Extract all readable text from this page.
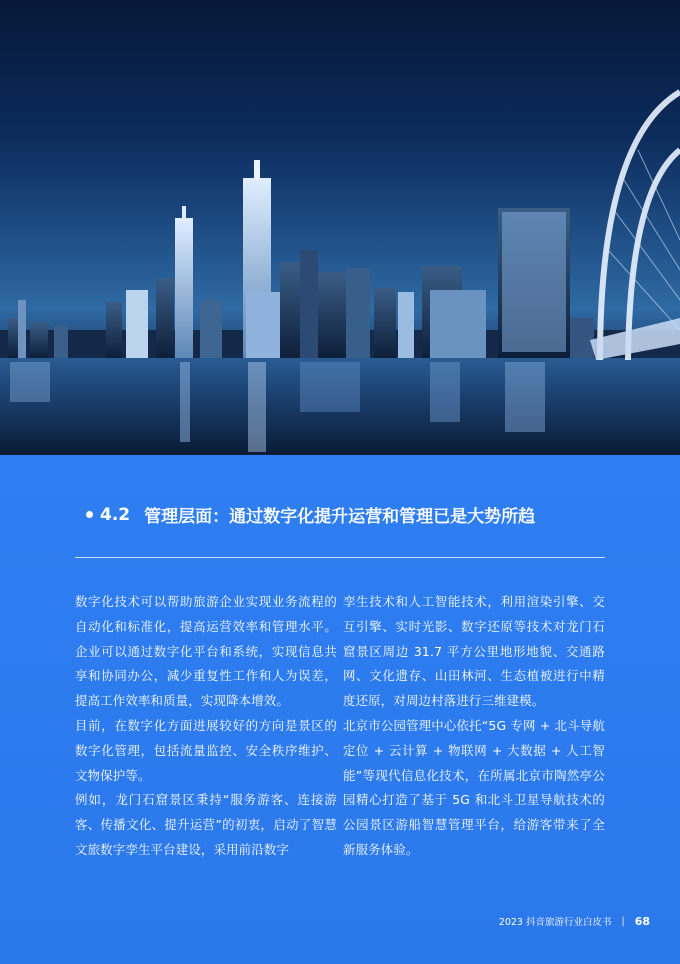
4.2 管理层面：通过数字化提升运营和管理已是大势所趋

数字化技术可以帮助旅游企业实现业务流程的自动化和标准化，提高运营效率和管理水平。企业可以通过数字化平台和系统，实现信息共享和协同办公，减少重复性工作和人为误差，提高工作效率和质量，实现降本增效。

目前，在数字化方面进展较好的方向是景区的数字化管理，包括流量监控、安全秩序维护、文物保护等。

例如，龙门石窟景区秉持“服务游客、连接游客、传播文化、提升运营”的初衷，启动了智慧文旅数字孪生平台建设，采用前沿数字

孪生技术和人工智能技术，利用渲染引擎、交互引擎、实时光影、数字还原等技术对龙门石窟景区周边 31.7 平方公里地形地貌、交通路网、文化遗存、山田林河、生态植被进行中精度还原，对周边村落进行三维建模。

北京市公园管理中心依托“5G 专网 + 北斗导航定位 + 云计算 + 物联网 + 大数据 + 人工智能”等现代信息化技术，在所属北京市陶然亭公园精心打造了基于 5G 和北斗卫星导航技术的公园景区游船智慧管理平台，给游客带来了全新服务体验。

2023 抖音旅游行业白皮书 | 68
